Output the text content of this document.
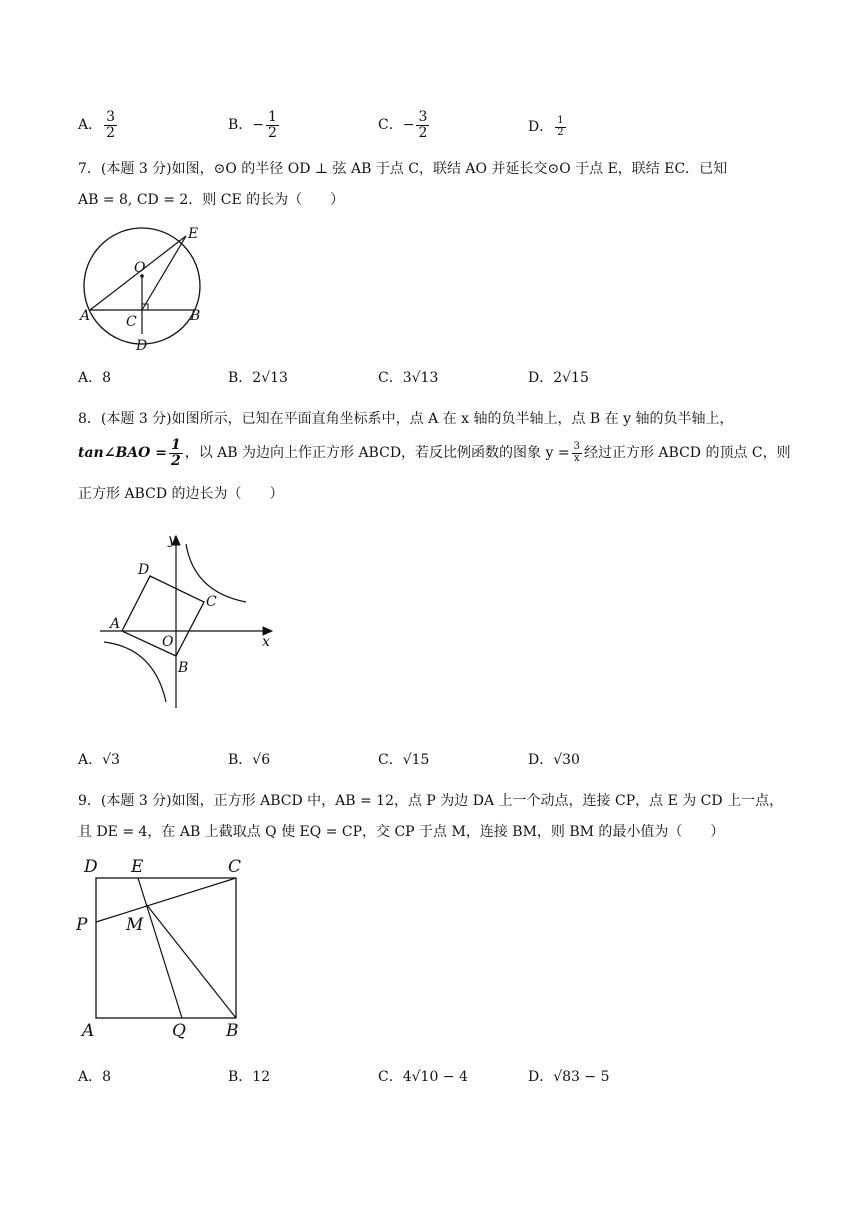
A． $\frac{3}{2}$	B．− $\frac{1}{2}$	C．− $\frac{3}{2}$	D． $\frac{1}{2}$
7．(本题 3 分)如图，⊙O 的半径 OD ⊥ 弦 AB 于点 C，联结 AO 并延长交⊙O 于点 E，联结 EC．已知
AB = 8, CD = 2．则 CE 的长为（　　）
E
O
A	C	B
D
A．8	B．2√13	C．3√13	D．2√15
8．(本题 3 分)如图所示，已知在平面直角坐标系中，点 A 在 x 轴的负半轴上，点 B 在 y 轴的负半轴上，
tan∠BAO = $\frac{1}{2}$ ，以 AB 为边向上作正方形 ABCD，若反比例函数的图象 $y = \frac{3}{x}$ 经过正方形 ABCD 的顶点 C，则
正方形 ABCD 的边长为（　　）
y
x
D
C
A
O
B
A．√3	B．√6	C．√15	D．√30
9．(本题 3 分)如图，正方形 ABCD 中，AB = 12，点 P 为边 DA 上一个动点，连接 CP，点 E 为 CD 上一点，
且 DE = 4，在 AB 上截取点 Q 使 EQ = CP，交 CP 于点 M，连接 BM，则 BM 的最小值为（　　）
D E	C
P M
A	Q B
A．8	B．12	C．4√10 − 4	D．√83 − 5
